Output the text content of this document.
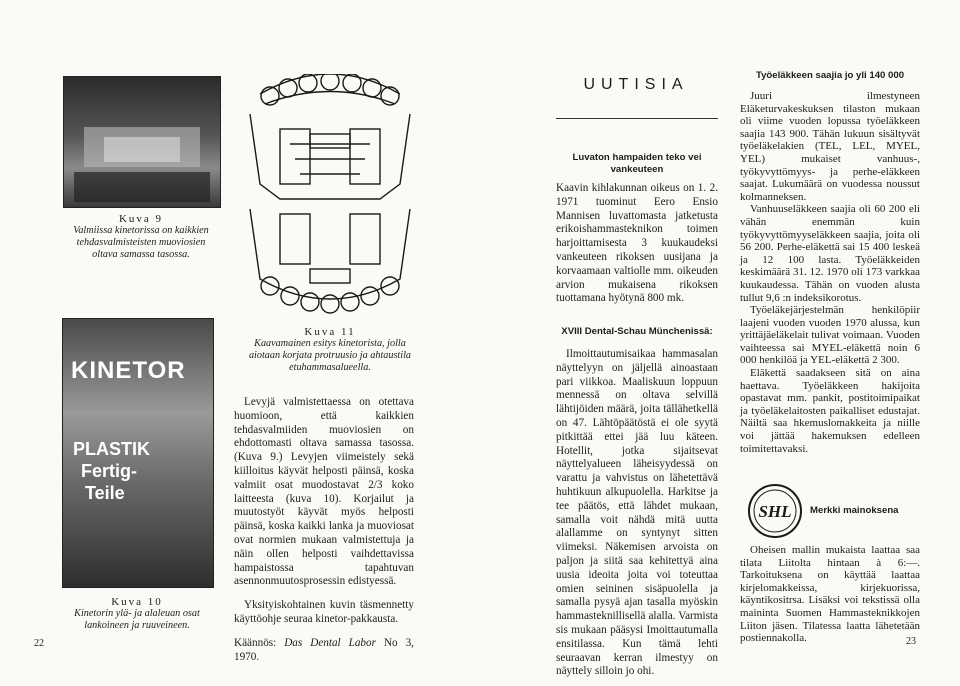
Kuva 9
Valmiissa kinetorissa on kaikkien tehdasvalmisteisten muoviosien oltava samassa tasossa.
KINETOR
PLASTIK
Fertig-
Teile
Kuva 10
Kinetorin ylä- ja alaleuan osat lankoineen ja ruuveineen.
Kuva 11
Kaavamainen esitys kinetorista, jolla aiotaan korjata protruusio ja ahtaustila etuhammasalueella.

Levyjä valmistettaessa on otettava huomioon, että kaikkien tehdasvalmiiden muoviosien on ehdottomasti oltava samassa tasossa. (Kuva 9.) Levyjen viimeistely sekä kiilloitus käyvät helposti päinsä, koska valmiit osat muodostavat 2/3 koko laitteesta (kuva 10). Korjailut ja muutostyöt käyvät myös helposti päinsä, koska kaikki lanka ja muoviosat ovat normien mukaan valmistettuja ja näin ollen helposti vaihdettavissa hampaistossa tapahtuvan asennonmuutosprosessin edistyessä.

Yksityiskohtainen kuvin täsmennetty käyttöohje seuraa kinetor-pakkausta.

Käännös: Das Dental Labor No 3, 1970.

22
UUTISIA
Luvaton hampaiden teko vei vankeuteen

Kaavin kihlakunnan oikeus on 1. 2. 1971 tuominut Eero Ensio Mannisen luvattomasta jatketusta erikoishammasteknikon toimen harjoittamisesta 3 kuukaudeksi vankeuteen rikoksen uusijana ja korvaamaan valtiolle mm. oikeuden arvion mukaisena rikoksen tuottamana hyötynä 800 mk.

XVIII Dental-Schau Münchenissä:

Ilmoittautumisaikaa hammasalan näyttelyyn on jäljellä ainoastaan pari viikkoa. Maaliskuun loppuun mennessä on oltava selvillä lähtijöiden määrä, joita tällähetkellä on 47. Lähtöpäätöstä ei ole syytä pitkittää ettei jää luu käteen. Hotellit, jotka sijaitsevat näyttelyalueen läheisyydessä on varattu ja vahvistus on lähetettävä huhtikuun alkupuolella. Harkitse ja tee päätös, että lähdet mukaan, samalla voit nähdä mitä uutta alallamme on syntynyt sitten viimeksi. Näkemisen arvoista on paljon ja siitä saa kehitettyä aina uusia ideoita joita voi toteuttaa omien seininen sisäpuolella ja samalla pysyä ajan tasalla myöskin hammasteknillisellä alalla. Varmista sis mukaan pääsysi Imoittautumalla ensitilassa. Kun tämä lehti seuraavan kerran ilmestyy on näyttely silloin jo ohi.

Työeläkkeen saajia jo yli 140 000

Juuri ilmestyneen Eläketurvakeskuksen tilaston mukaan oli viime vuoden lopussa työeläkkeen saajia 143 900. Tähän lukuun sisältyvät työeläkelakien (TEL, LEL, MYEL, YEL) mukaiset vanhuus-, työkyvyttömyys- ja perhe-eläkkeen saajat. Lukumäärä on vuodessa noussut kolmanneksen.

Vanhuuseläkkeen saajia oli 60 200 eli vähän enemmän kuin työkyvyttömyyseläkkeen saajia, joita oli 56 200. Perhe-eläkettä sai 15 400 leskeä ja 12 100 lasta. Työeläkkeiden keskimäärä 31. 12. 1970 oli 173 varkkaa kuukaudessa. Tähän on vuoden alusta tullut 9,6 :n indeksikorotus.

Työeläkejärjestelmän henkilöpiir laajeni vuoden vuoden 1970 alussa, kun yrittäjäeläkelait tulivat voimaan. Vuoden vaihteessa sai MYEL-eläkettä noin 6 000 henkilöä ja YEL-eläkettä 2 300.

Eläkettä saadakseen sitä on aina haettava. Työeläkkeen hakijoita opastavat mm. pankit, postitoimipaikat ja työeläkelaitosten paikalliset edustajat. Näiltä saa hkemuslomakkeita ja niille voi jättää hakemuksen edelleen toimitettavaksi.

SHL Merkki mainoksena

Oheisen mallin mukaista laattaa saa tilata Liitolta hintaan à 6:—. Tarkoituksena on käyttää laattaa kirjelomakkeissa, kirjekuorissa, käyntikositrsa. Lisäksi voi tekstissä olla maininta Suomen Hammasteknikkojen Liiton jäsen. Tilatessa laatta lähetetään postiennakolla.	23
